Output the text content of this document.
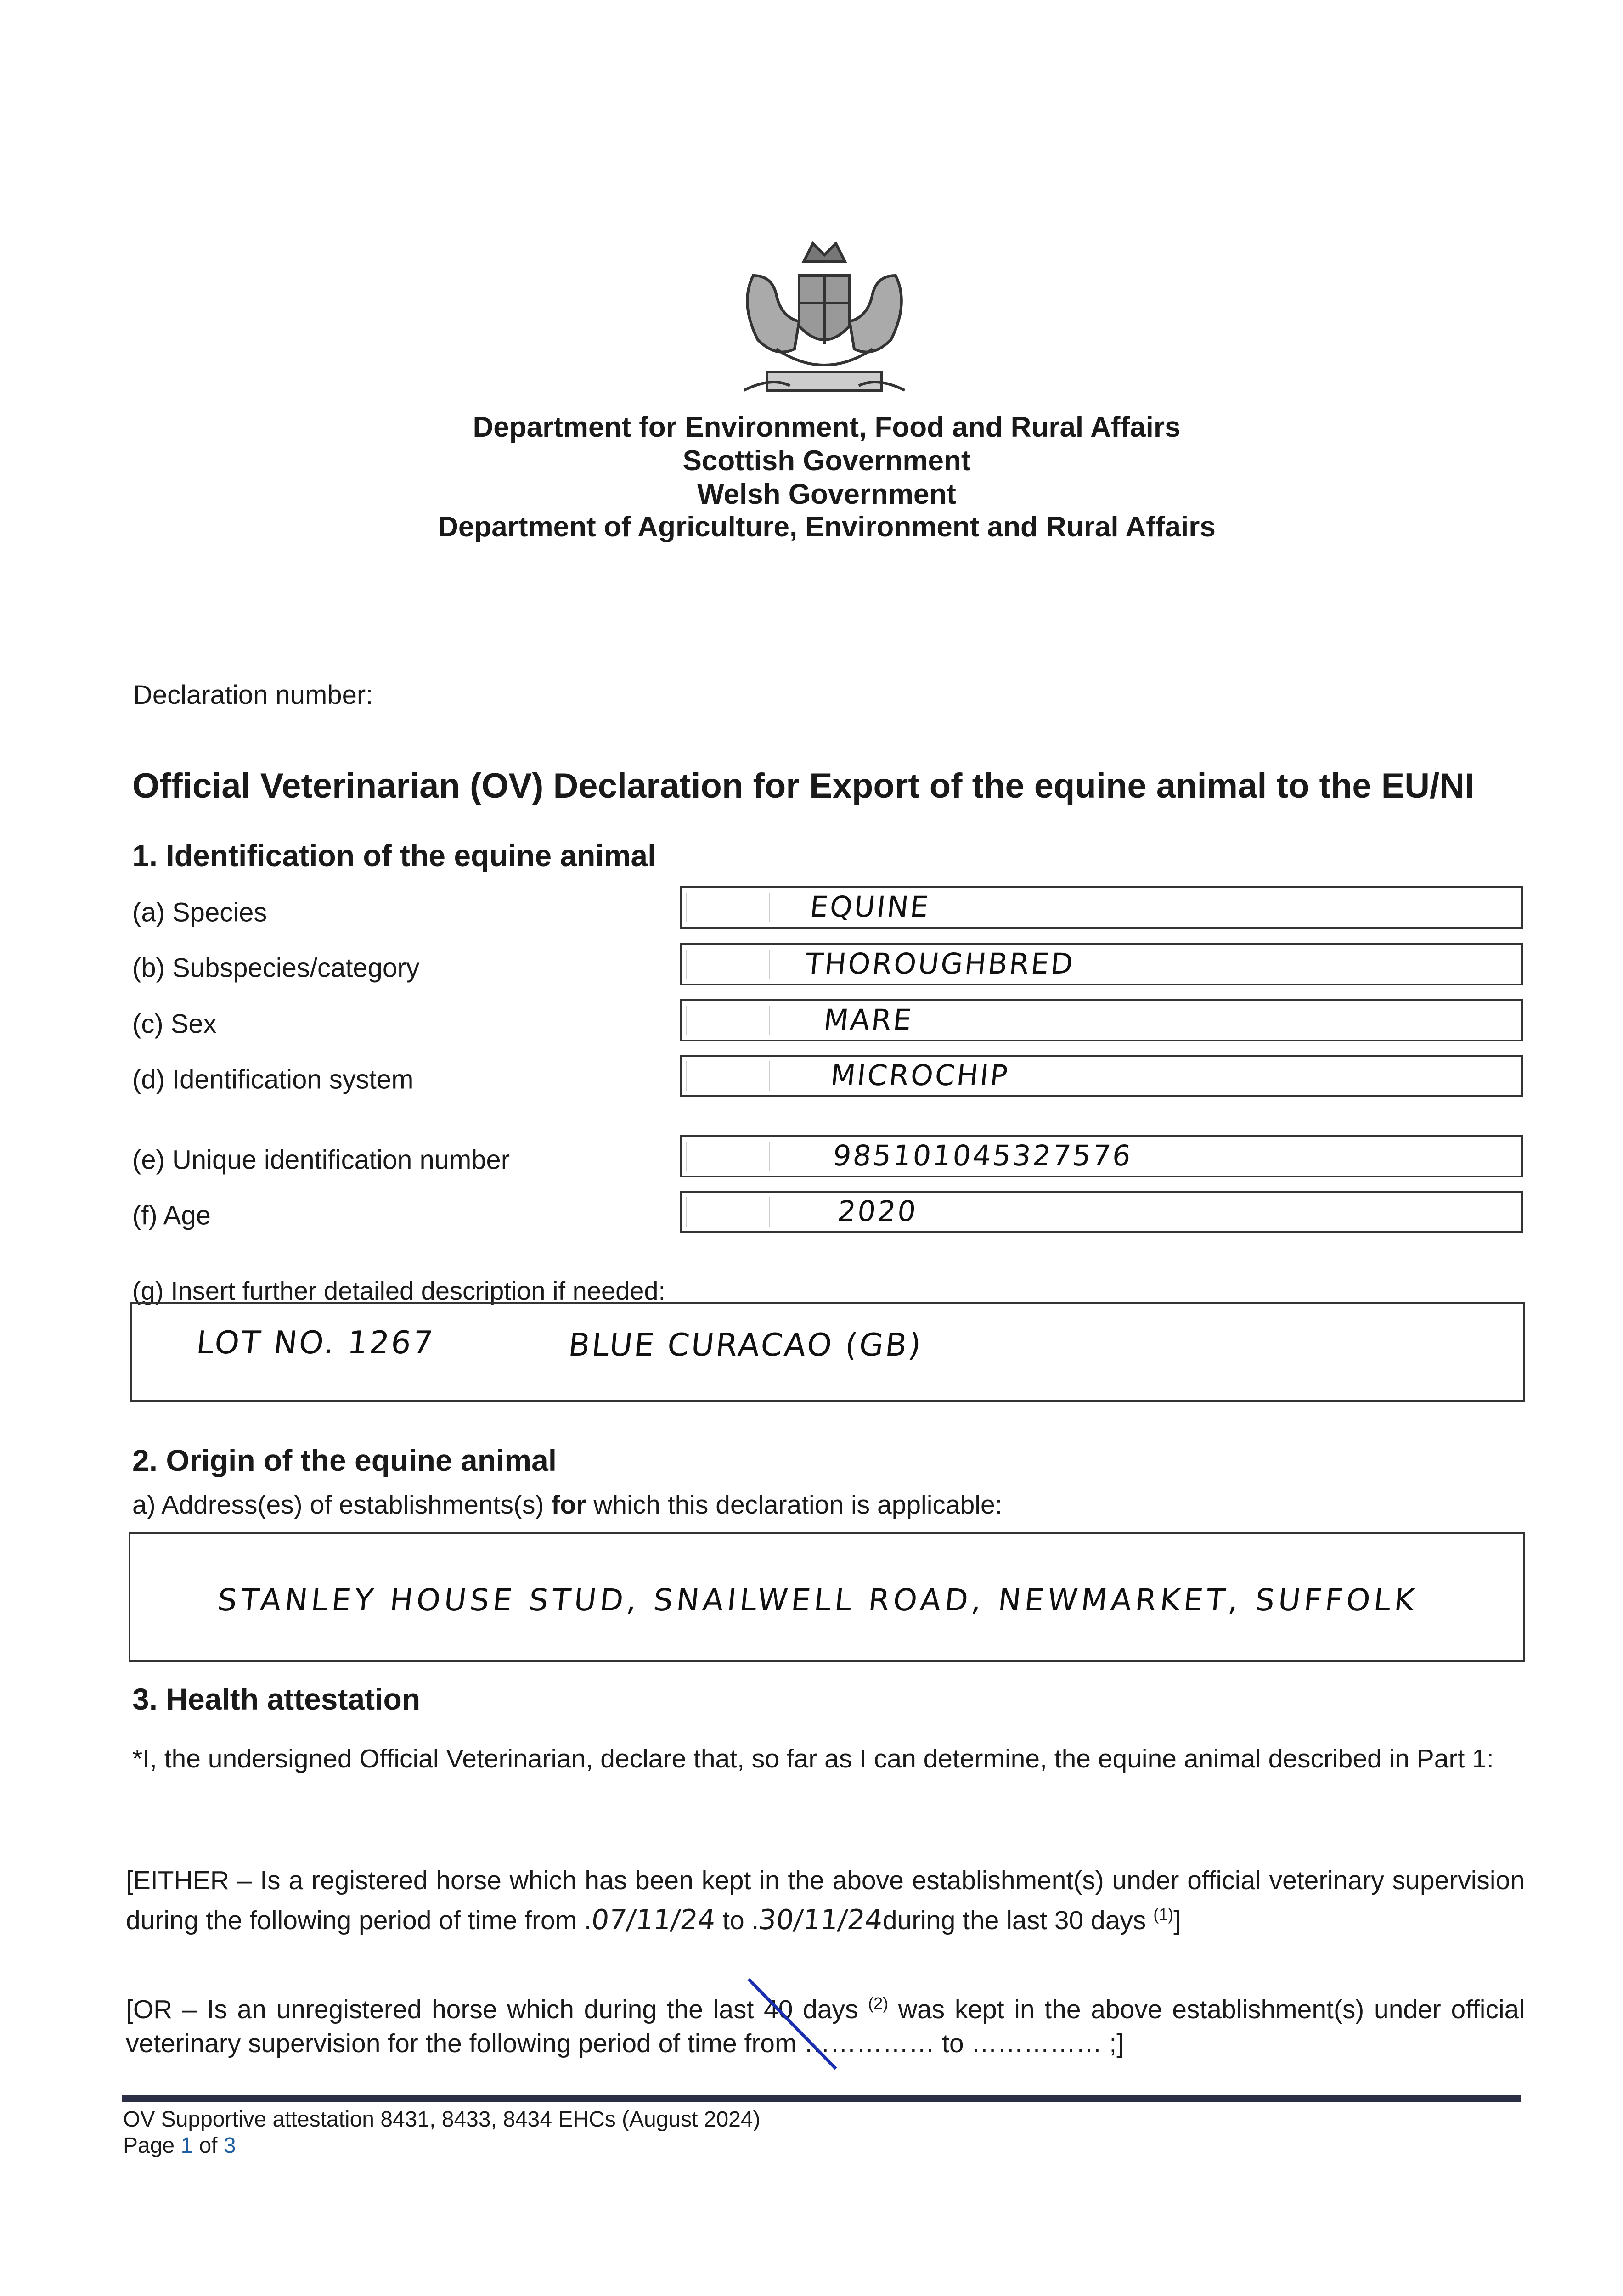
Department for Environment, Food and Rural Affairs
Scottish Government
Welsh Government
Department of Agriculture, Environment and Rural Affairs
Declaration number:
Official Veterinarian (OV) Declaration for Export of the equine animal to the EU/NI
1. Identification of the equine animal
(a) Species	EQUINE
(b) Subspecies/category	THOROUGHBRED
(c) Sex	MARE
(d) Identification system	MICROCHIP
(e) Unique identification number	985101045327576
(f) Age	2020
(g) Insert further detailed description if needed:
LOT NO. 1267	BLUE CURACAO (GB)
2. Origin of the equine animal
a) Address(es) of establishments(s) for which this declaration is applicable:
STANLEY HOUSE STUD, SNAILWELL ROAD, NEWMARKET, SUFFOLK
3. Health attestation
*I, the undersigned Official Veterinarian, declare that, so far as I can determine, the equine animal described in Part 1:
[EITHER – Is a registered horse which has been kept in the above establishment(s) under official veterinary supervision during the following period of time from .07/11/24 to .30/11/24during the last 30 days $^{(1)}$]
[OR – Is an unregistered horse which during the last 40 days $^{(2)}$ was kept in the above establishment(s) under official veterinary supervision for the following period of time from …………… to …………… ;]
OV Supportive attestation 8431, 8433, 8434 EHCs (August 2024)
Page 1 of 3
